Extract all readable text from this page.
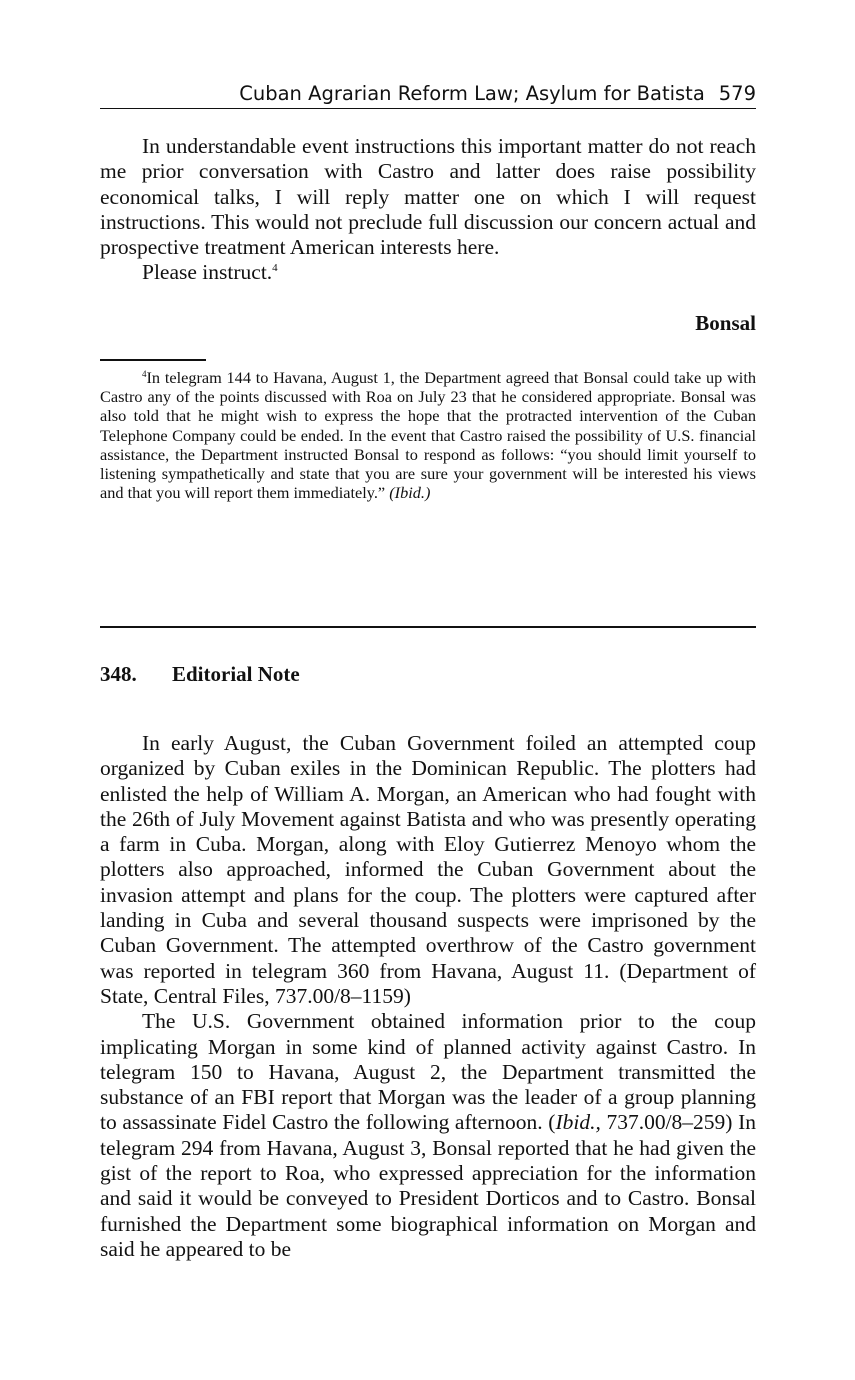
Cuban Agrarian Reform Law; Asylum for Batista 579

In understandable event instructions this important matter do not reach me prior conversation with Castro and latter does raise possibility economical talks, I will reply matter one on which I will request instructions. This would not preclude full discussion our concern actual and prospective treatment American interests here.

Please instruct.$^4$

Bonsal

$^4$In telegram 144 to Havana, August 1, the Department agreed that Bonsal could take up with Castro any of the points discussed with Roa on July 23 that he considered appropriate. Bonsal was also told that he might wish to express the hope that the protracted intervention of the Cuban Telephone Company could be ended. In the event that Castro raised the possibility of U.S. financial assistance, the Department instructed Bonsal to respond as follows: “you should limit yourself to listening sympathetically and state that you are sure your government will be interested his views and that you will report them immediately.” (Ibid.)

348. Editorial Note

In early August, the Cuban Government foiled an attempted coup organized by Cuban exiles in the Dominican Republic. The plotters had enlisted the help of William A. Morgan, an American who had fought with the 26th of July Movement against Batista and who was presently operating a farm in Cuba. Morgan, along with Eloy Gutierrez Menoyo whom the plotters also approached, informed the Cuban Government about the invasion attempt and plans for the coup. The plotters were captured after landing in Cuba and several thousand suspects were imprisoned by the Cuban Government. The attempted overthrow of the Castro government was reported in telegram 360 from Havana, August 11. (Department of State, Central Files, 737.00/8–1159)

The U.S. Government obtained information prior to the coup implicating Morgan in some kind of planned activity against Castro. In telegram 150 to Havana, August 2, the Department transmitted the substance of an FBI report that Morgan was the leader of a group planning to assassinate Fidel Castro the following afternoon. (Ibid., 737.00/8–259) In telegram 294 from Havana, August 3, Bonsal reported that he had given the gist of the report to Roa, who expressed appreciation for the information and said it would be conveyed to President Dorticos and to Castro. Bonsal furnished the Department some biographical information on Morgan and said he appeared to be
